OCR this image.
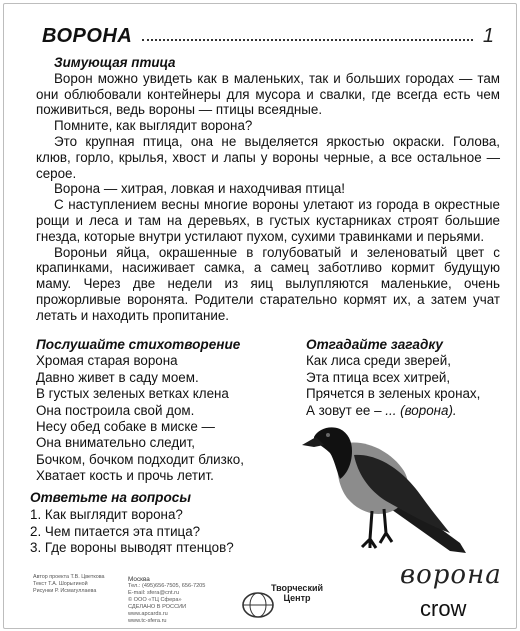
ВОРОНА	1

Зимующая птица

Ворон можно увидеть как в маленьких, так и больших городах — там они облюбовали контейнеры для мусора и свалки, где всегда есть чем поживиться, ведь вороны — птицы всеядные.

Помните, как выглядит ворона?

Это крупная птица, она не выделяется яркостью окраски. Голова, клюв, горло, крылья, хвост и лапы у вороны черные, а все остальное — серое.

Ворона — хитрая, ловкая и находчивая птица!

С наступлением весны многие вороны улетают из города в окрестные рощи и леса и там на деревьях, в густых кустарниках строят большие гнезда, которые внутри устилают пухом, сухими травинками и перьями.

Вороньи яйца, окрашенные в голубоватый и зеленоватый цвет с крапинками, насиживает самка, а самец заботливо кормит будущую маму. Через две недели из яиц вылупляются маленькие, очень прожорливые воронята. Родители старательно кормят их, а затем учат летать и находить пропитание.

Послушайте стихотворение
Хромая старая ворона
Давно живет в саду моем.
В густых зеленых ветках клена
Она построила свой дом.
Несу обед собаке в миске —
Она внимательно следит,
Бочком, бочком подходит близко,
Хватает кость и прочь летит.
Отгадайте загадку
Как лиса среди зверей,
Эта птица всех хитрей,
Прячется в зеленых кронах,
А зовут ее – ... (ворона).
Ответьте на вопросы
1. Как выглядит ворона?
2. Чем питается эта птица?
3. Где вороны выводят птенцов?
Автор проекта Т.В. Цветкова
Текст Т.А. Шорыгиной
Рисунки Р. Исмагуллаева
Москва
Тел.: (495)656-7505, 656-7205
E-mail: sfera@cnt.ru
© ООО «ТЦ Сфера»
СДЕЛАНО В РОССИИ
www.apcards.ru
www.tc-sfera.ru
Творческий
Центр
ворона
crow
